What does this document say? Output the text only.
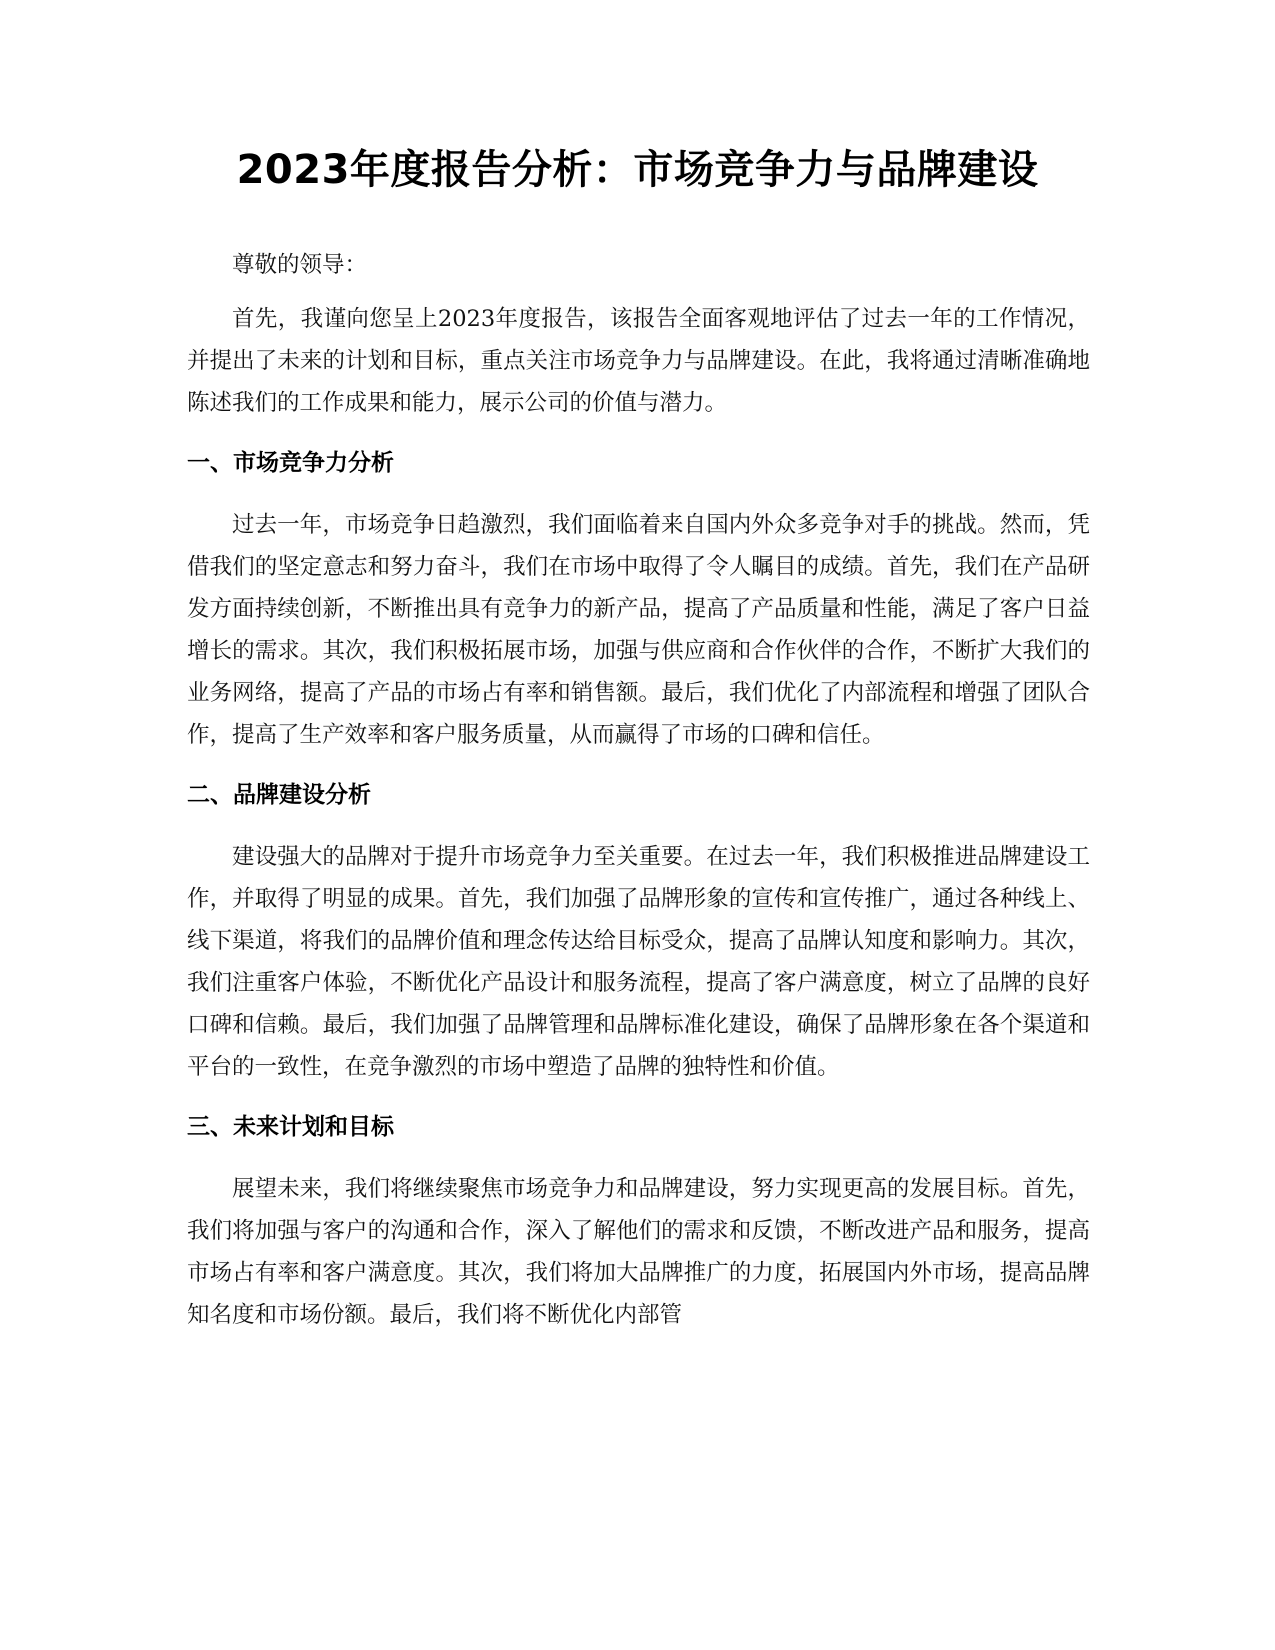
2023年度报告分析：市场竞争力与品牌建设

尊敬的领导：

首先，我谨向您呈上2023年度报告，该报告全面客观地评估了过去一年的工作情况，并提出了未来的计划和目标，重点关注市场竞争力与品牌建设。在此，我将通过清晰准确地陈述我们的工作成果和能力，展示公司的价值与潜力。

一、市场竞争力分析

过去一年，市场竞争日趋激烈，我们面临着来自国内外众多竞争对手的挑战。然而，凭借我们的坚定意志和努力奋斗，我们在市场中取得了令人瞩目的成绩。首先，我们在产品研发方面持续创新，不断推出具有竞争力的新产品，提高了产品质量和性能，满足了客户日益增长的需求。其次，我们积极拓展市场，加强与供应商和合作伙伴的合作，不断扩大我们的业务网络，提高了产品的市场占有率和销售额。最后，我们优化了内部流程和增强了团队合作，提高了生产效率和客户服务质量，从而赢得了市场的口碑和信任。

二、品牌建设分析

建设强大的品牌对于提升市场竞争力至关重要。在过去一年，我们积极推进品牌建设工作，并取得了明显的成果。首先，我们加强了品牌形象的宣传和宣传推广，通过各种线上、线下渠道，将我们的品牌价值和理念传达给目标受众，提高了品牌认知度和影响力。其次，我们注重客户体验，不断优化产品设计和服务流程，提高了客户满意度，树立了品牌的良好口碑和信赖。最后，我们加强了品牌管理和品牌标准化建设，确保了品牌形象在各个渠道和平台的一致性，在竞争激烈的市场中塑造了品牌的独特性和价值。

三、未来计划和目标

展望未来，我们将继续聚焦市场竞争力和品牌建设，努力实现更高的发展目标。首先，我们将加强与客户的沟通和合作，深入了解他们的需求和反馈，不断改进产品和服务，提高市场占有率和客户满意度。其次，我们将加大品牌推广的力度，拓展国内外市场，提高品牌知名度和市场份额。最后，我们将不断优化内部管
